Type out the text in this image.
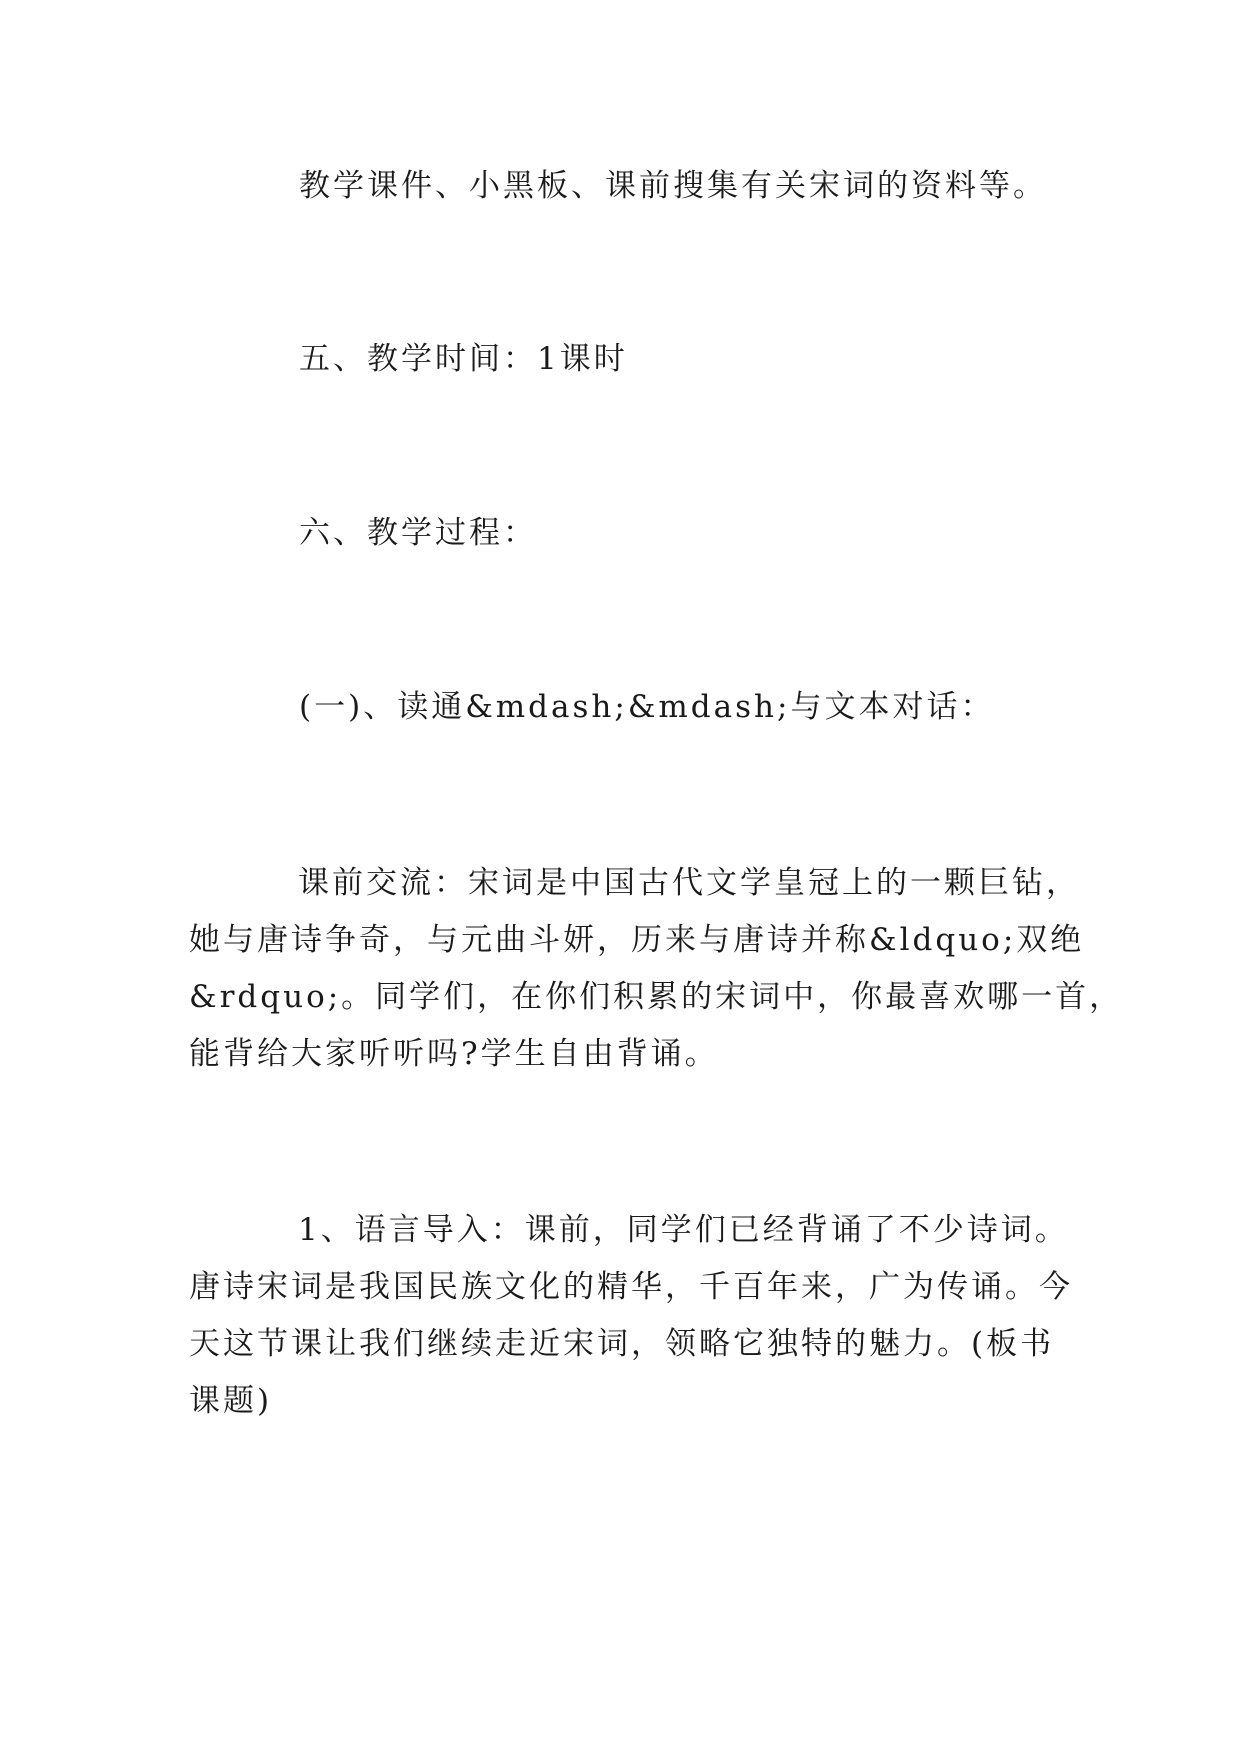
教学课件、小黑板、课前搜集有关宋词的资料等。

五、教学时间：1课时

六、教学过程：

(一)、读通&mdash;&mdash;与文本对话：

课前交流：宋词是中国古代文学皇冠上的一颗巨钻，
她与唐诗争奇，与元曲斗妍，历来与唐诗并称&ldquo;双绝
&rdquo;。同学们，在你们积累的宋词中，你最喜欢哪一首，
能背给大家听听吗?学生自由背诵。
1、语言导入：课前，同学们已经背诵了不少诗词。
唐诗宋词是我国民族文化的精华，千百年来，广为传诵。今
天这节课让我们继续走近宋词，领略它独特的魅力。(板书
课题)
